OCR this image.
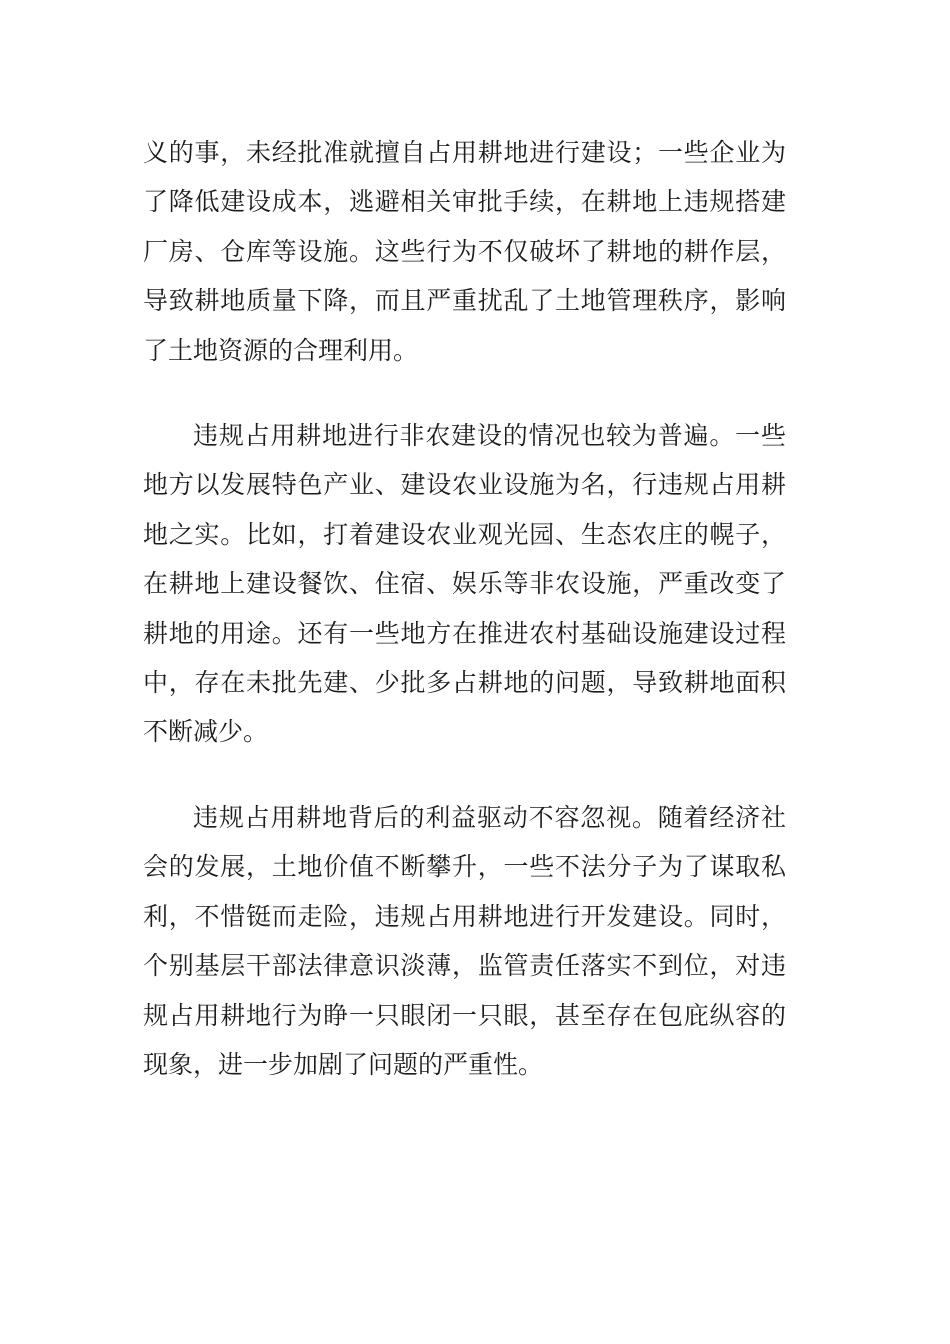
义的事，未经批准就擅自占用耕地进行建设；一些企业为了降低建设成本，逃避相关审批手续，在耕地上违规搭建厂房、仓库等设施。这些行为不仅破坏了耕地的耕作层，导致耕地质量下降，而且严重扰乱了土地管理秩序，影响了土地资源的合理利用。

违规占用耕地进行非农建设的情况也较为普遍。一些地方以发展特色产业、建设农业设施为名，行违规占用耕地之实。比如，打着建设农业观光园、生态农庄的幌子，在耕地上建设餐饮、住宿、娱乐等非农设施，严重改变了耕地的用途。还有一些地方在推进农村基础设施建设过程中，存在未批先建、少批多占耕地的问题，导致耕地面积不断减少。

违规占用耕地背后的利益驱动不容忽视。随着经济社会的发展，土地价值不断攀升，一些不法分子为了谋取私利，不惜铤而走险，违规占用耕地进行开发建设。同时，个别基层干部法律意识淡薄，监管责任落实不到位，对违规占用耕地行为睁一只眼闭一只眼，甚至存在包庇纵容的现象，进一步加剧了问题的严重性。
